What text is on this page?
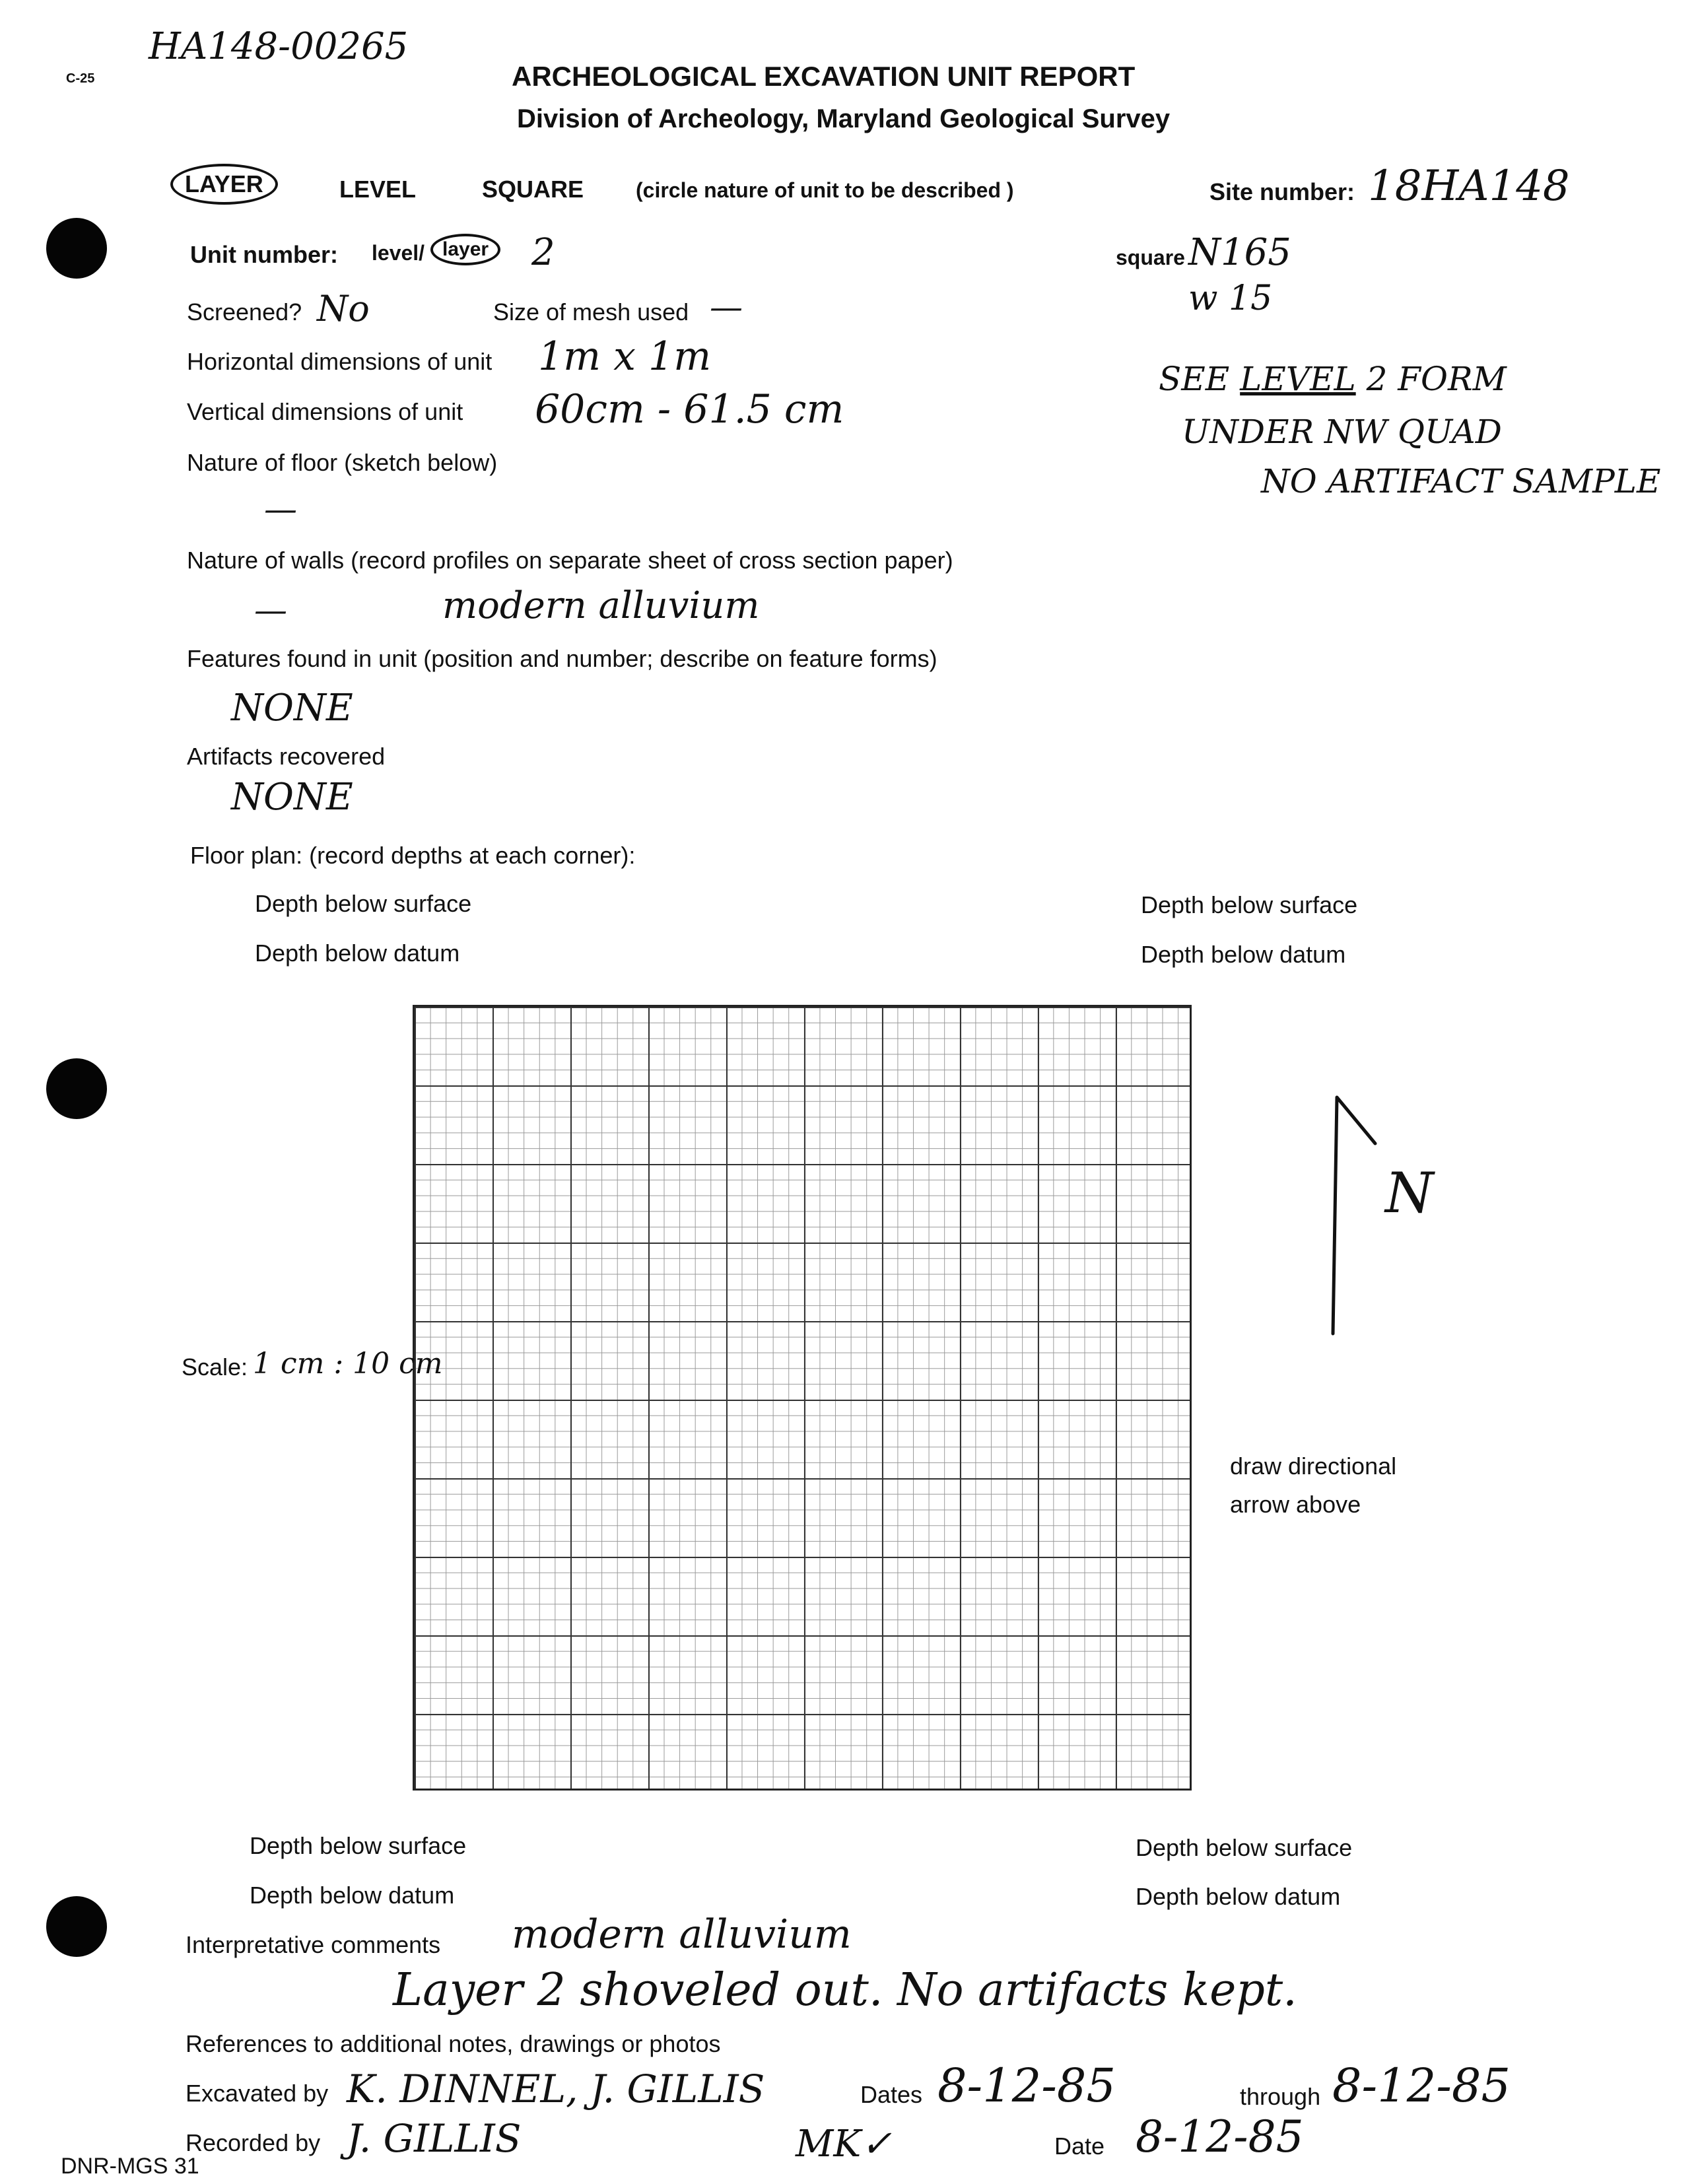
HA148-00265
C-25	ARCHEOLOGICAL EXCAVATION UNIT REPORT
Division of Archeology, Maryland Geological Survey
LAYER	LEVEL	SQUARE (circle nature of unit to be described )	Site number: 18HA148
Unit number: level/ layer	2	square N165
w 15
Screened? No	Size of mesh used —
Horizontal dimensions of unit 1m x 1m
Vertical dimensions of unit 60cm - 61.5 cm
SEE LEVEL 2 FORM
UNDER NW QUAD
NO ARTIFACT SAMPLE
Nature of floor (sketch below)
—
Nature of walls (record profiles on separate sheet of cross section paper)
—	modern alluvium
Features found in unit (position and number; describe on feature forms)
NONE
Artifacts recovered
NONE
Floor plan: (record depths at each corner):
Depth below surface
Depth below datum
Depth below surface
Depth below datum
Scale: 1 cm : 10 cm
N
draw directional
arrow above
Depth below surface
Depth below datum
Depth below surface
Depth below datum
Interpretative comments modern alluvium
Layer 2 shoveled out. No artifacts kept.
References to additional notes, drawings or photos
Excavated by K. DINNEL, J. GILLIS	Dates 8-12-85	through 8-12-85
Recorded by J. GILLIS	MK✓	Date 8-12-85
DNR-MGS 31
